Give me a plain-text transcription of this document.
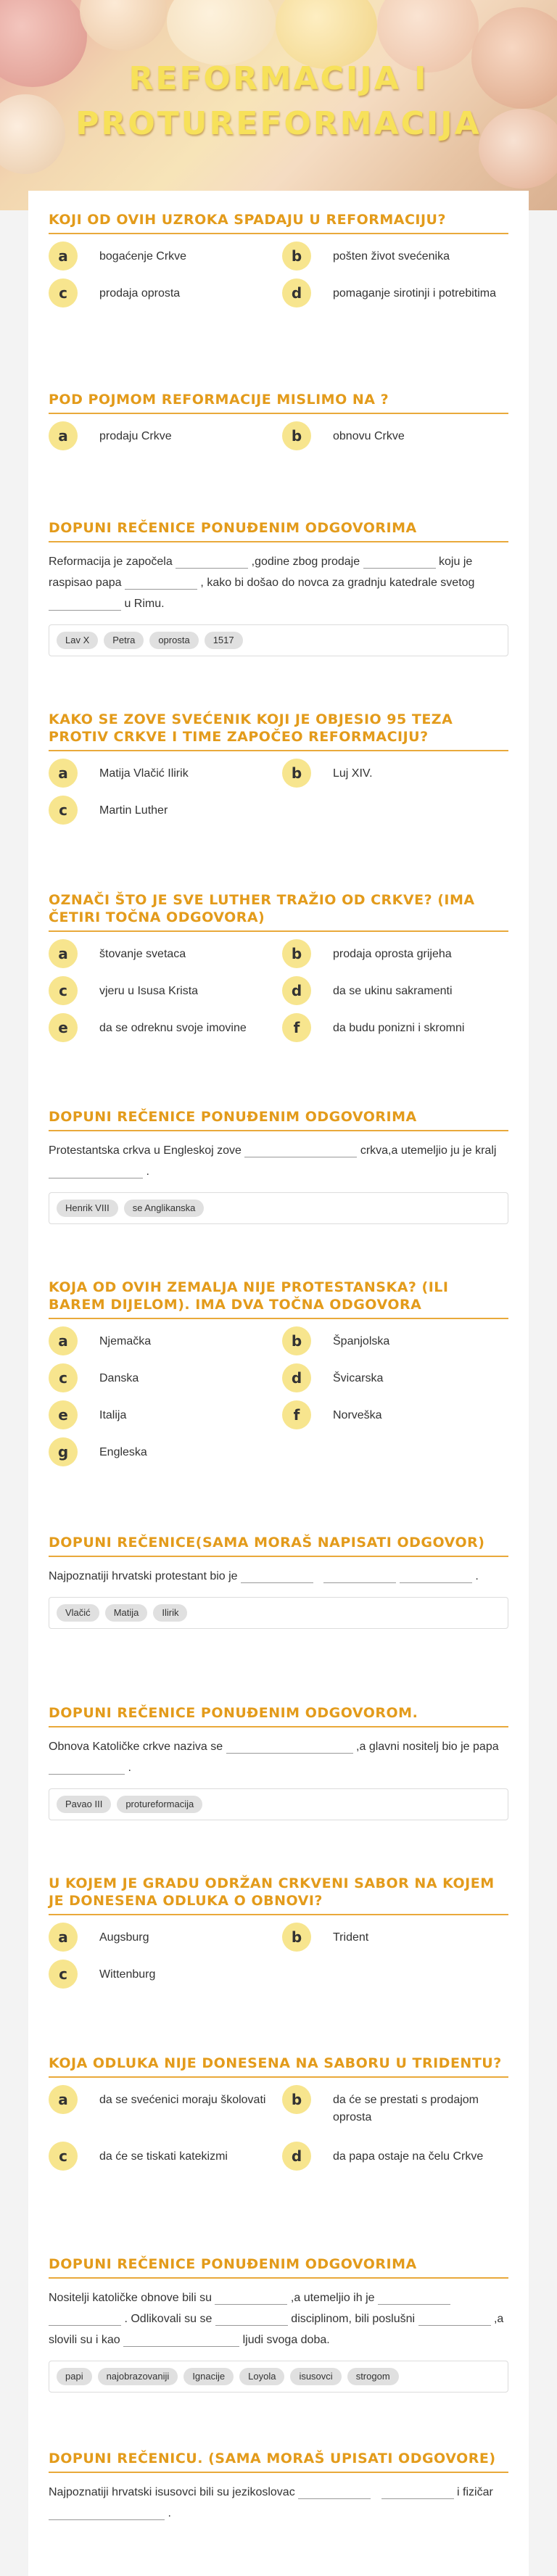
REFORMACIJA I
PROTUREFORMACIJA
KOJI OD OVIH UZROKA SPADAJU U REFORMACIJU?
a	bogaćenje Crkve	b	pošten život svećenika
c	prodaja oprosta	d	pomaganje sirotinji i potrebitima
POD POJMOM REFORMACIJE MISLIMO NA ?
a	prodaju Crkve	b	obnovu Crkve
DOPUNI REČENICE PONUĐENIM ODGOVORIMA
Reformacija je započela	,godine zbog prodaje	koju je raspisao papa	, kako bi došao do novca za gradnju katedrale svetog  u Rimu.
Lav X	Petra	oprosta	1517
KAKO SE ZOVE SVEĆENIK KOJI JE OBJESIO 95 TEZA PROTIV CRKVE I TIME ZAPOČEO REFORMACIJU?
a	Matija Vlačić Ilirik	b	Luj XIV.
c	Martin Luther
OZNAČI ŠTO JE SVE LUTHER TRAŽIO OD CRKVE? (IMA ČETIRI TOČNA ODGOVORA)
a	štovanje svetaca	b	prodaja oprosta grijeha
c	vjeru u Isusa Krista	d	da se ukinu sakramenti
e	da se odreknu svoje imovine	f	da budu ponizni i skromni
DOPUNI REČENICE PONUĐENIM ODGOVORIMA
Protestantska crkva u Engleskoj zove	crkva,a utemeljio ju je kralj  .
Henrik VIII	se Anglikanska
KOJA OD OVIH ZEMALJA NIJE PROTESTANSKA? (ILI BAREM DIJELOM). IMA DVA TOČNA ODGOVORA
a	Njemačka	b	Španjolska
c	Danska	d	Švicarska
e	Italija	f	Norveška
g	Engleska
DOPUNI REČENICE(SAMA MORAŠ NAPISATI ODGOVOR)
Najpoznatiji hrvatski protestant bio je	.
Vlačić	Matija	Ilirik
DOPUNI REČENICE PONUĐENIM ODGOVOROM.
Obnova Katoličke crkve naziva se	,a glavni nositelj bio je papa  .
Pavao III	protureformacija
U KOJEM JE GRADU ODRŽAN CRKVENI SABOR NA KOJEM JE DONESENA ODLUKA O OBNOVI?
a	Augsburg	b	Trident
c	Wittenburg
KOJA ODLUKA NIJE DONESENA NA SABORU U TRIDENTU?
a	da se svećenici moraju školovati	b	da će se prestati s prodajom oprosta
c	da će se tiskati katekizmi	d	da papa ostaje na čelu Crkve
DOPUNI REČENICE PONUĐENIM ODGOVORIMA
Nositelji katoličke obnove bili su	,a utemeljio ih je   . Odlikovali su se	disciplinom, bili poslušni	,a slovili su i kao	ljudi svoga doba.
papi	najobrazovaniji	Ignacije	Loyola	isusovci	strogom
DOPUNI REČENICU. (SAMA MORAŠ UPISATI ODGOVORE)
Najpoznatiji hrvatski isusovci bili su jezikoslovac	i fizičar  .
